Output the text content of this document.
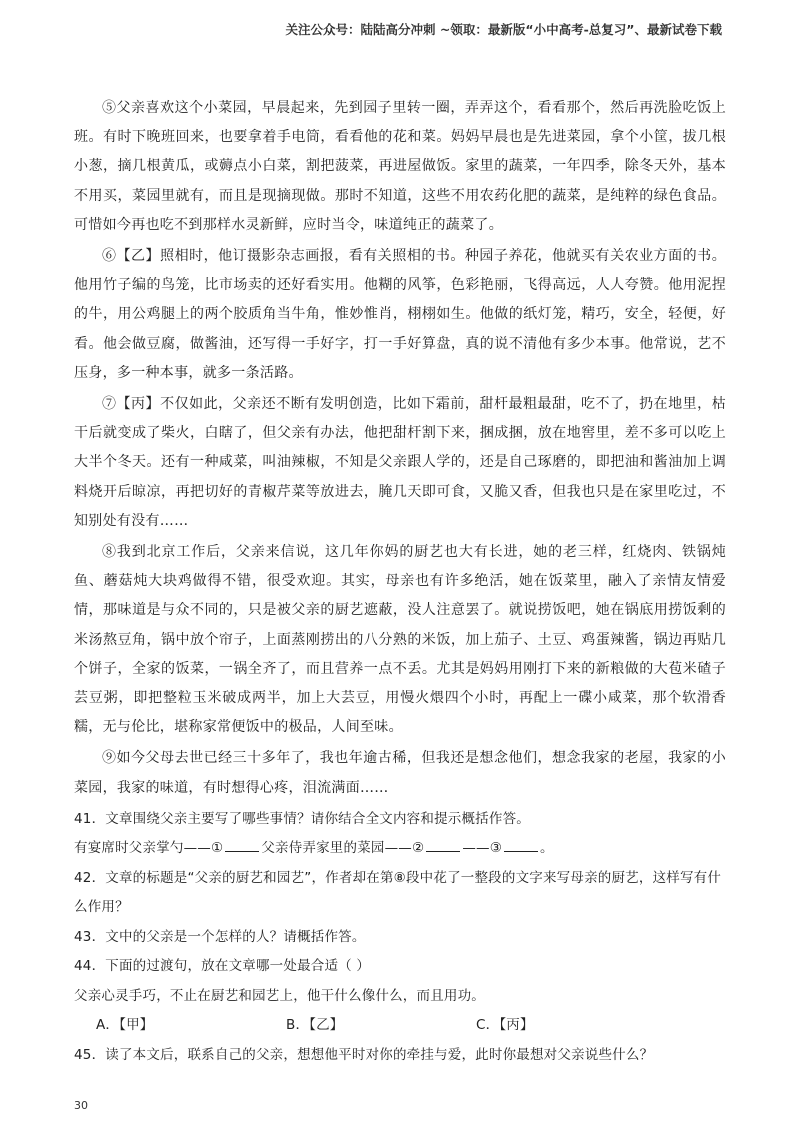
关注公众号：陆陆高分冲刺 ~领取：最新版“小中高考-总复习”、最新试卷下载

⑤父亲喜欢这个小菜园，早晨起来，先到园子里转一圈，弄弄这个，看看那个，然后再洗脸吃饭上班。有时下晚班回来，也要拿着手电筒，看看他的花和菜。妈妈早晨也是先进菜园，拿个小筐，拔几根小葱，摘几根黄瓜，或薅点小白菜，割把菠菜，再进屋做饭。家里的蔬菜，一年四季，除冬天外，基本不用买，菜园里就有，而且是现摘现做。那时不知道，这些不用农药化肥的蔬菜，是纯粹的绿色食品。可惜如今再也吃不到那样水灵新鲜，应时当令，味道纯正的蔬菜了。

⑥【乙】照相时，他订摄影杂志画报，看有关照相的书。种园子养花，他就买有关农业方面的书。他用竹子编的鸟笼，比市场卖的还好看实用。他糊的风筝，色彩艳丽，飞得高远，人人夸赞。他用泥捏的牛，用公鸡腿上的两个胶质角当牛角，惟妙惟肖，栩栩如生。他做的纸灯笼，精巧，安全，轻便，好看。他会做豆腐，做酱油，还写得一手好字，打一手好算盘，真的说不清他有多少本事。他常说，艺不压身，多一种本事，就多一条活路。

⑦【丙】不仅如此，父亲还不断有发明创造，比如下霜前，甜杆最粗最甜，吃不了，扔在地里，枯干后就变成了柴火，白瞎了，但父亲有办法，他把甜杆割下来，捆成捆，放在地窖里，差不多可以吃上大半个冬天。还有一种咸菜，叫油辣椒，不知是父亲跟人学的，还是自己琢磨的，即把油和酱油加上调料烧开后晾凉，再把切好的青椒芹菜等放进去，腌几天即可食，又脆又香，但我也只是在家里吃过，不知别处有没有……

⑧我到北京工作后，父亲来信说，这几年你妈的厨艺也大有长进，她的老三样，红烧肉、铁锅炖鱼、蘑菇炖大块鸡做得不错，很受欢迎。其实，母亲也有许多绝活，她在饭菜里，融入了亲情友情爱情，那味道是与众不同的，只是被父亲的厨艺遮蔽，没人注意罢了。就说捞饭吧，她在锅底用捞饭剩的米汤熬豆角，锅中放个帘子，上面蒸刚捞出的八分熟的米饭，加上茄子、土豆、鸡蛋辣酱，锅边再贴几个饼子，全家的饭菜，一锅全齐了，而且营养一点不丢。尤其是妈妈用刚打下来的新粮做的大苞米碴子芸豆粥，即把整粒玉米破成两半，加上大芸豆，用慢火煨四个小时，再配上一碟小咸菜，那个软滑香糯，无与伦比，堪称家常便饭中的极品，人间至味。

⑨如今父母去世已经三十多年了，我也年逾古稀，但我还是想念他们，想念我家的老屋，我家的小菜园，我家的味道，有时想得心疼，泪流满面……

41．文章围绕父亲主要写了哪些事情？请你结合全文内容和提示概括作答。

有宴席时父亲掌勺——①	父亲侍弄家里的菜园——②	——③	。

42．文章的标题是“父亲的厨艺和园艺”，作者却在第⑧段中花了一整段的文字来写母亲的厨艺，这样写有什么作用？

43．文中的父亲是一个怎样的人？请概括作答。

44．下面的过渡句，放在文章哪一处最合适（ ）

父亲心灵手巧，不止在厨艺和园艺上，他干什么像什么，而且用功。

A．【甲】	B．【乙】	C．【丙】

45．读了本文后，联系自己的父亲，想想他平时对你的牵挂与爱，此时你最想对父亲说些什么？

30
